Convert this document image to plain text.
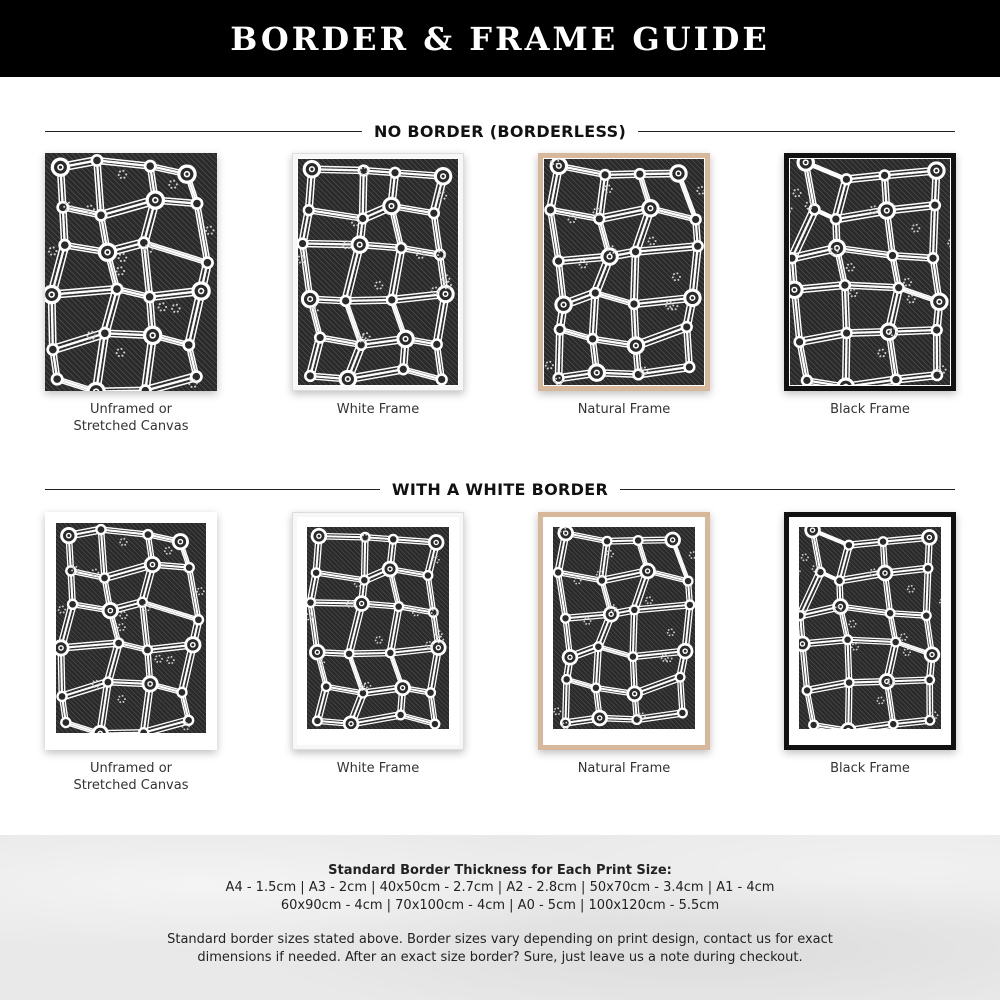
BORDER & FRAME GUIDE
NO BORDER (BORDERLESS)
Unframed or
Stretched Canvas
White Frame	Natural Frame	Black Frame
WITH A WHITE BORDER
Unframed or
Stretched Canvas
White Frame	Natural Frame	Black Frame
Standard Border Thickness for Each Print Size:
A4 - 1.5cm | A3 - 2cm | 40x50cm - 2.7cm | A2 - 2.8cm | 50x70cm - 3.4cm | A1 - 4cm
60x90cm - 4cm | 70x100cm - 4cm | A0 - 5cm | 100x120cm - 5.5cm
Standard border sizes stated above. Border sizes vary depending on print design, contact us for exact
dimensions if needed. After an exact size border? Sure, just leave us a note during checkout.
